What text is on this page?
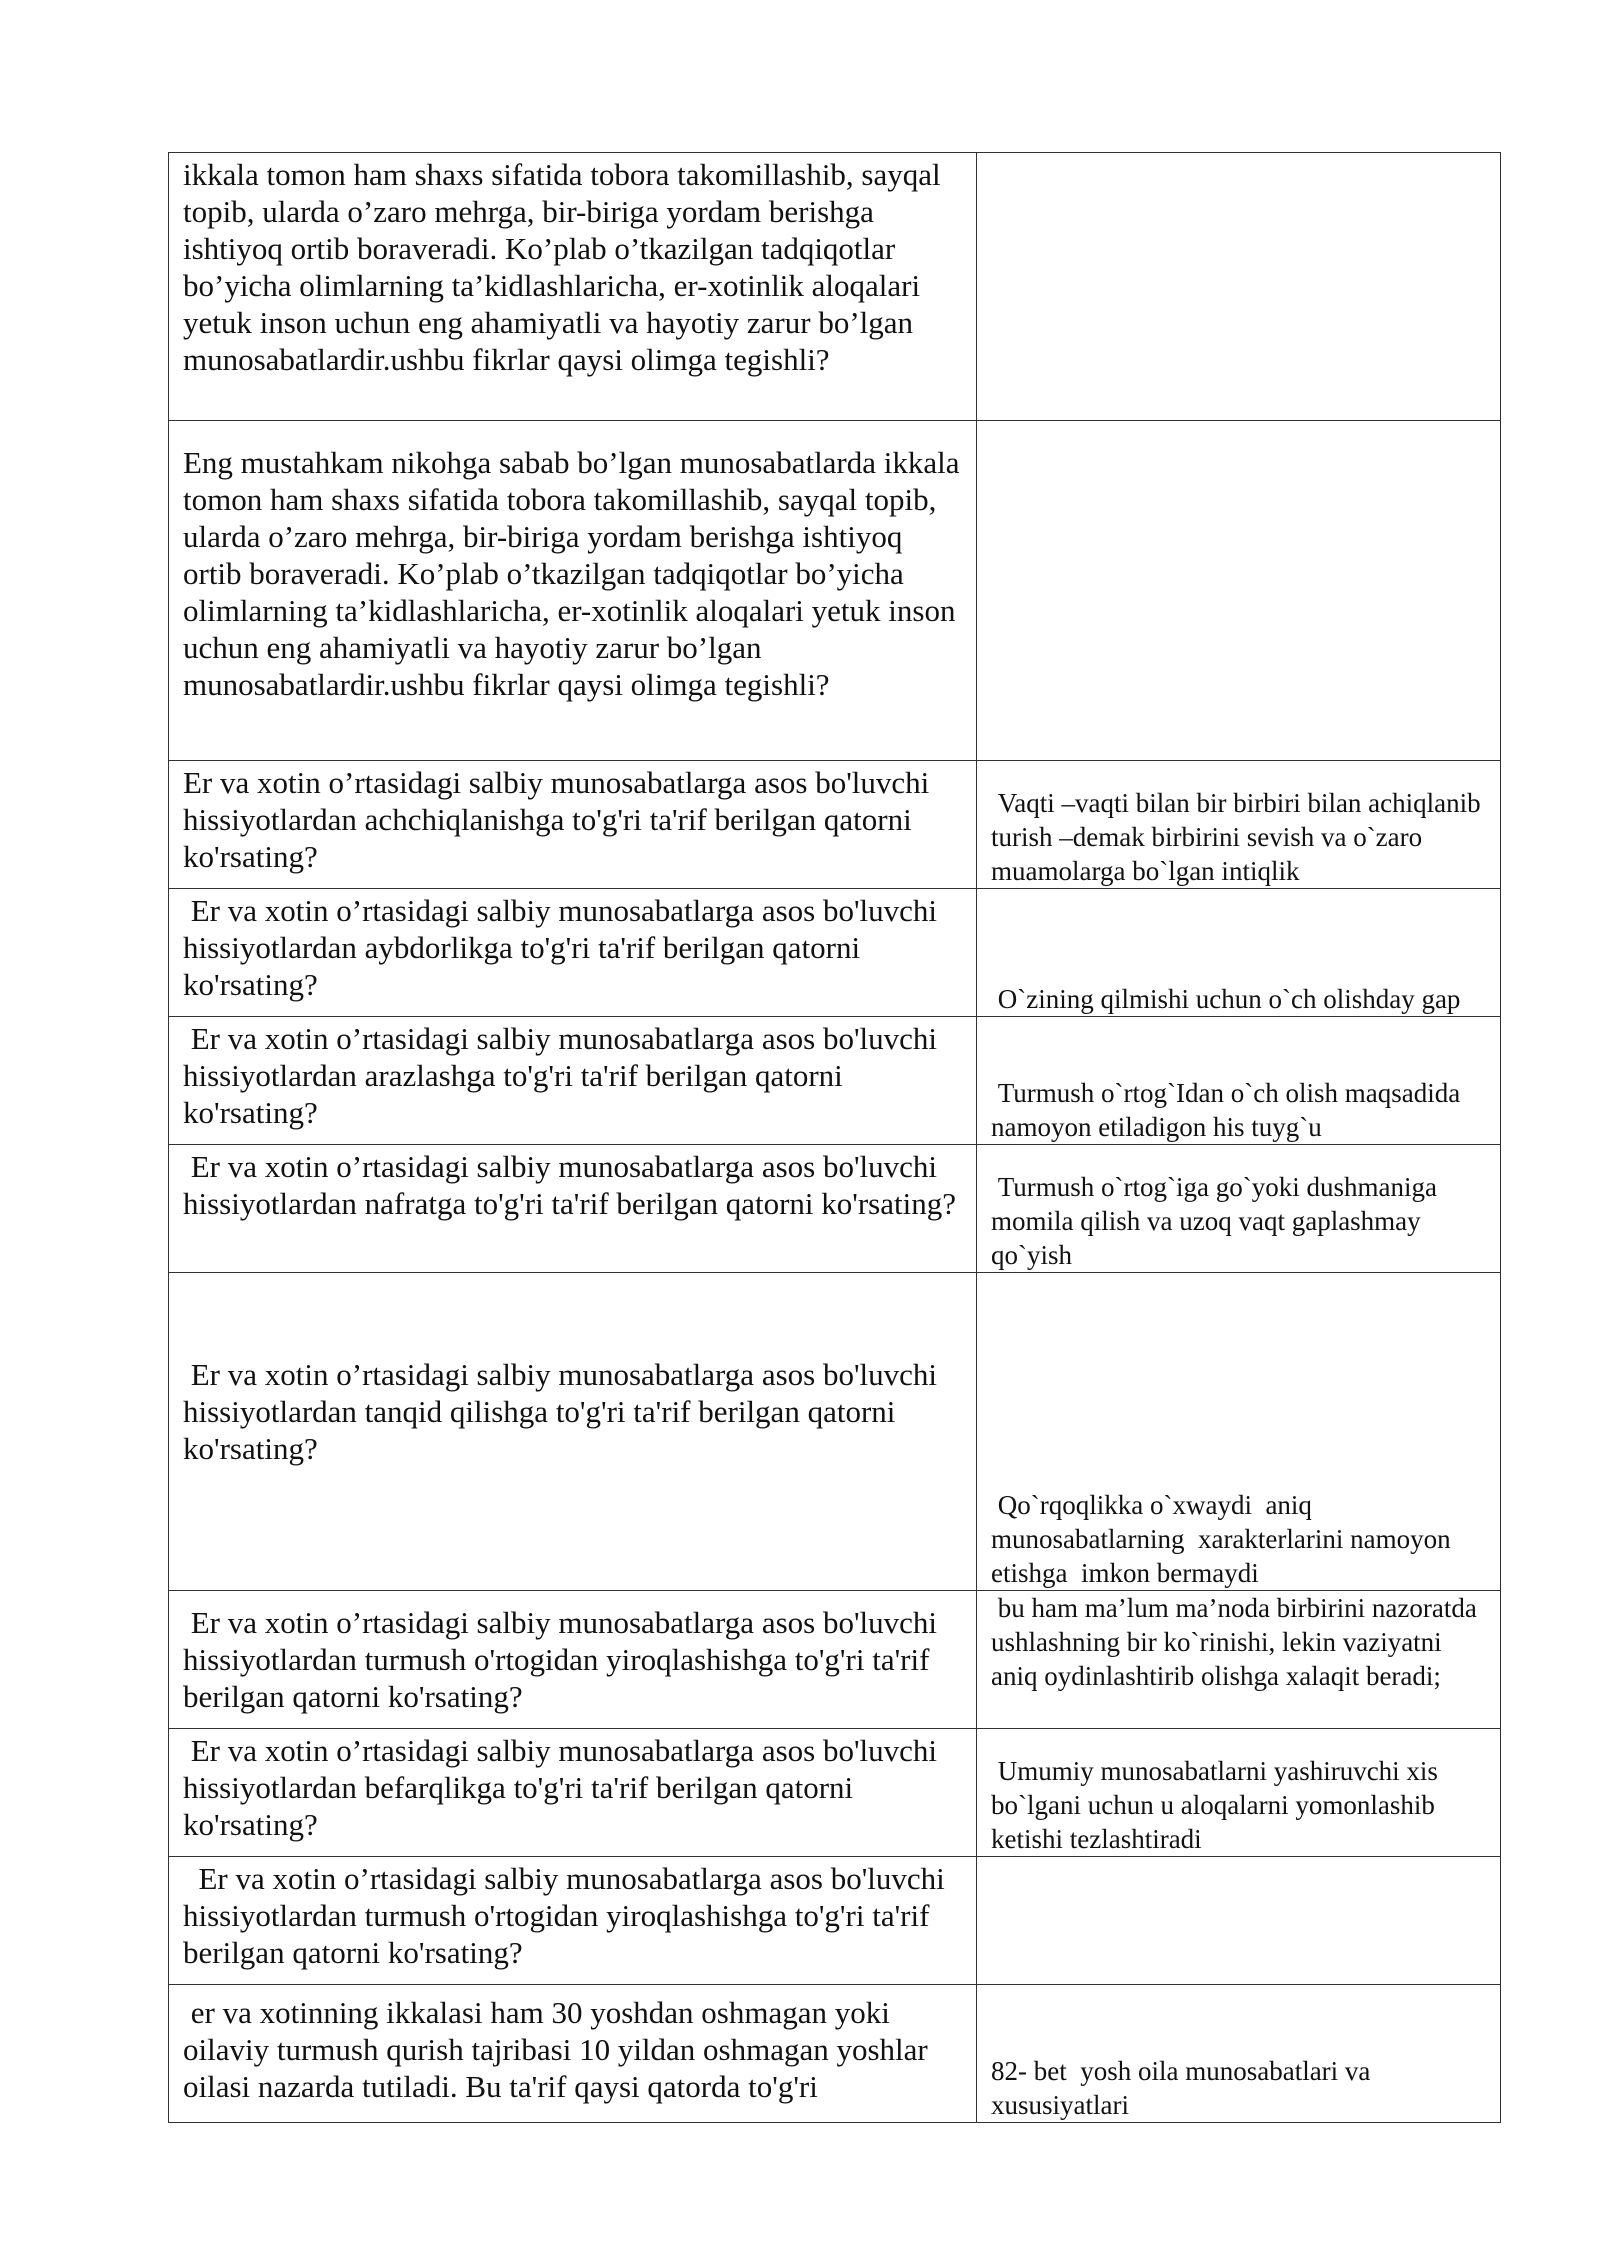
ikkala tomon ham shaxs sifatida tobora takomillashib, sayqal topib, ularda o’zaro mehrga, bir-biriga yordam berishga ishtiyoq ortib boraveradi. Ko’plab o’tkazilgan tadqiqotlar bo’yicha olimlarning ta’kidlashlaricha, er-xotinlik aloqalari yetuk inson uchun eng ahamiyatli va hayotiy zarur bo’lgan munosabatlardir.ushbu fikrlar qaysi olimga tegishli?	

Eng mustahkam nikohga sabab bo’lgan munosabatlarda ikkala tomon ham shaxs sifatida tobora takomillashib, sayqal topib, ularda o’zaro mehrga, bir-biriga yordam berishga ishtiyoq ortib boraveradi. Ko’plab o’tkazilgan tadqiqotlar bo’yicha olimlarning ta’kidlashlaricha, er-xotinlik aloqalari yetuk inson uchun eng ahamiyatli va hayotiy zarur bo’lgan munosabatlardir.ushbu fikrlar qaysi olimga tegishli?	

Er va xotin o’rtasidagi salbiy munosabatlarga asos bo'luvchi hissiyotlardan achchiqlanishga to'g'ri ta'rif berilgan qatorni ko'rsating?	Vaqti –vaqti bilan bir birbiri bilan achiqlanib turish –demak birbirini sevish va o`zaro muamolarga bo`lgan intiqlik

Er va xotin o’rtasidagi salbiy munosabatlarga asos bo'luvchi hissiyotlardan aybdorlikga to'g'ri ta'rif berilgan qatorni ko'rsating?	O`zining qilmishi uchun o`ch olishday gap

Er va xotin o’rtasidagi salbiy munosabatlarga asos bo'luvchi hissiyotlardan arazlashga to'g'ri ta'rif berilgan qatorni ko'rsating?	Turmush o`rtog`Idan o`ch olish maqsadida namoyon etiladigon his tuyg`u

Er va xotin o’rtasidagi salbiy munosabatlarga asos bo'luvchi hissiyotlardan nafratga to'g'ri ta'rif berilgan qatorni ko'rsating?	Turmush o`rtog`iga go`yoki dushmaniga momila qilish va uzoq vaqt gaplashmay qo`yish

Er va xotin o’rtasidagi salbiy munosabatlarga asos bo'luvchi hissiyotlardan tanqid qilishga to'g'ri ta'rif berilgan qatorni ko'rsating?	Qo`rqoqlikka o`xwaydi  aniq munosabatlarning  xarakterlarini namoyon etishga  imkon bermaydi

Er va xotin o’rtasidagi salbiy munosabatlarga asos bo'luvchi hissiyotlardan turmush o'rtogidan yiroqlashishga to'g'ri ta'rif berilgan qatorni ko'rsating?	bu ham ma’lum ma’noda birbirini nazoratda ushlashning bir ko`rinishi, lekin vaziyatni aniq oydinlashtirib olishga xalaqit beradi;

Er va xotin o’rtasidagi salbiy munosabatlarga asos bo'luvchi hissiyotlardan befarqlikga to'g'ri ta'rif berilgan qatorni ko'rsating?	Umumiy munosabatlarni yashiruvchi xis bo`lgani uchun u aloqalarni yomonlashib ketishi tezlashtiradi

Er va xotin o’rtasidagi salbiy munosabatlarga asos bo'luvchi hissiyotlardan turmush o'rtogidan yiroqlashishga to'g'ri ta'rif berilgan qatorni ko'rsating?	

er va xotinning ikkalasi ham 30 yoshdan oshmagan yoki oilaviy turmush qurish tajribasi 10 yildan oshmagan yoshlar oilasi nazarda tutiladi. Bu ta'rif qaysi qatorda to'g'ri	82- bet  yosh oila munosabatlari va xususiyatlari
